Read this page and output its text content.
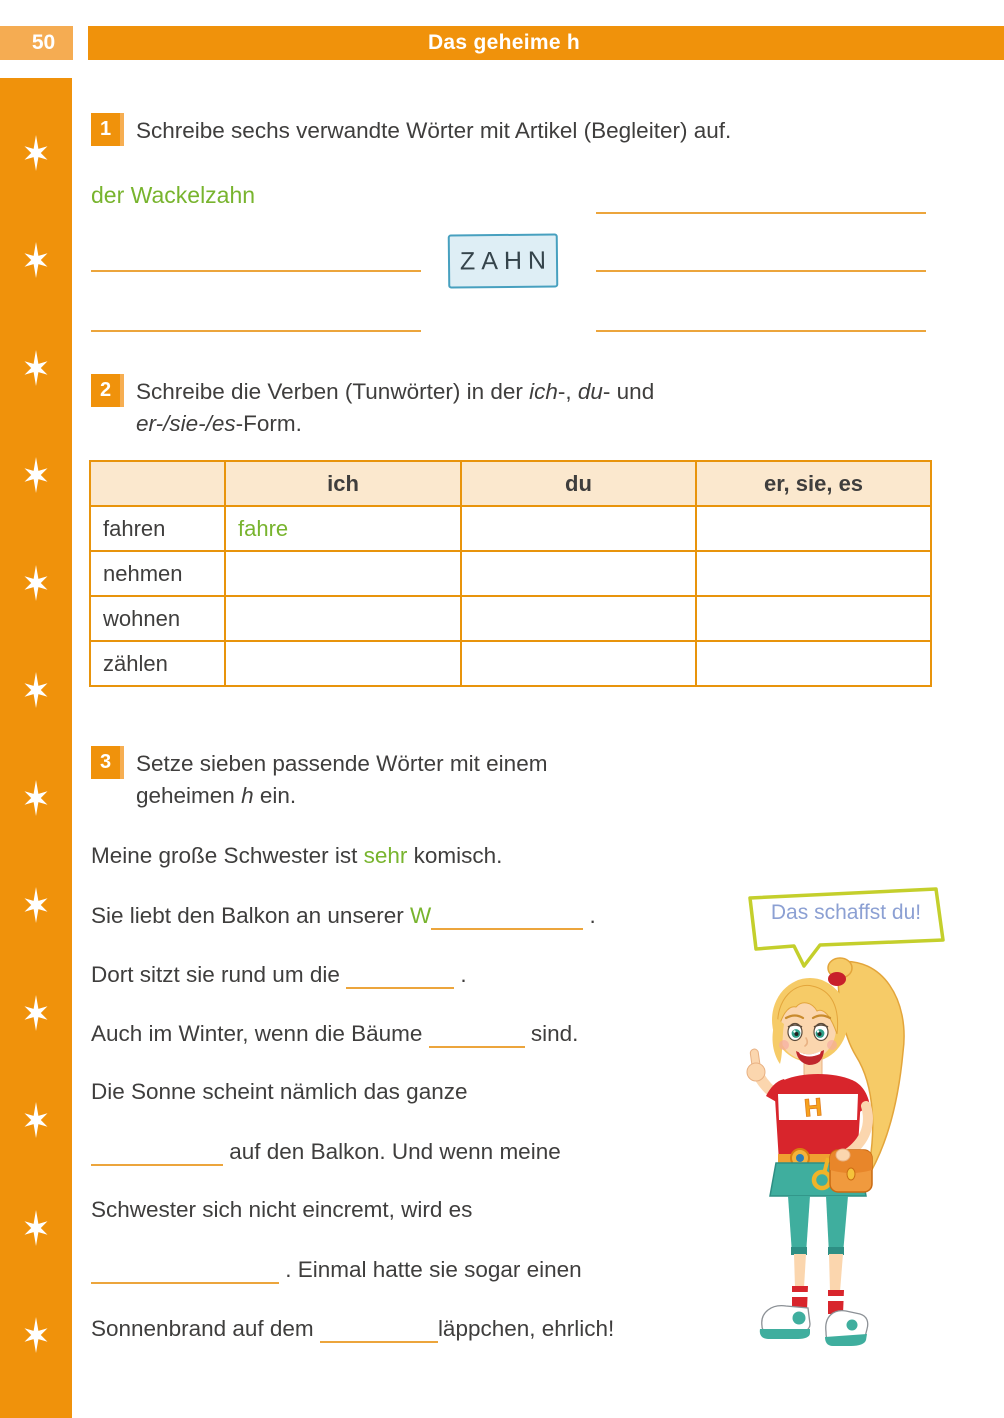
50	Das geheime h
1	Schreibe sechs verwandte Wörter mit Artikel (Begleiter) auf.
der Wackelzahn
ZAHN
2	Schreibe die Verben (Tunwörter) in der ich-, du- und
er-/sie-/es-Form.
	ich	du	er, sie, es
fahren	fahre		
nehmen			
wohnen			
zählen			
3	Setze sieben passende Wörter mit einem
geheimen h ein.
Meine große Schwester ist sehr komisch.
Sie liebt den Balkon an unserer W	.
Dort sitzt sie rund um die	.
Auch im Winter, wenn die Bäume	sind.
Die Sonne scheint nämlich das ganze
auf den Balkon. Und wenn meine
Schwester sich nicht eincremt, wird es
. Einmal hatte sie sogar einen
Sonnenbrand auf dem	läppchen, ehrlich!
Das schaffst du!
H
